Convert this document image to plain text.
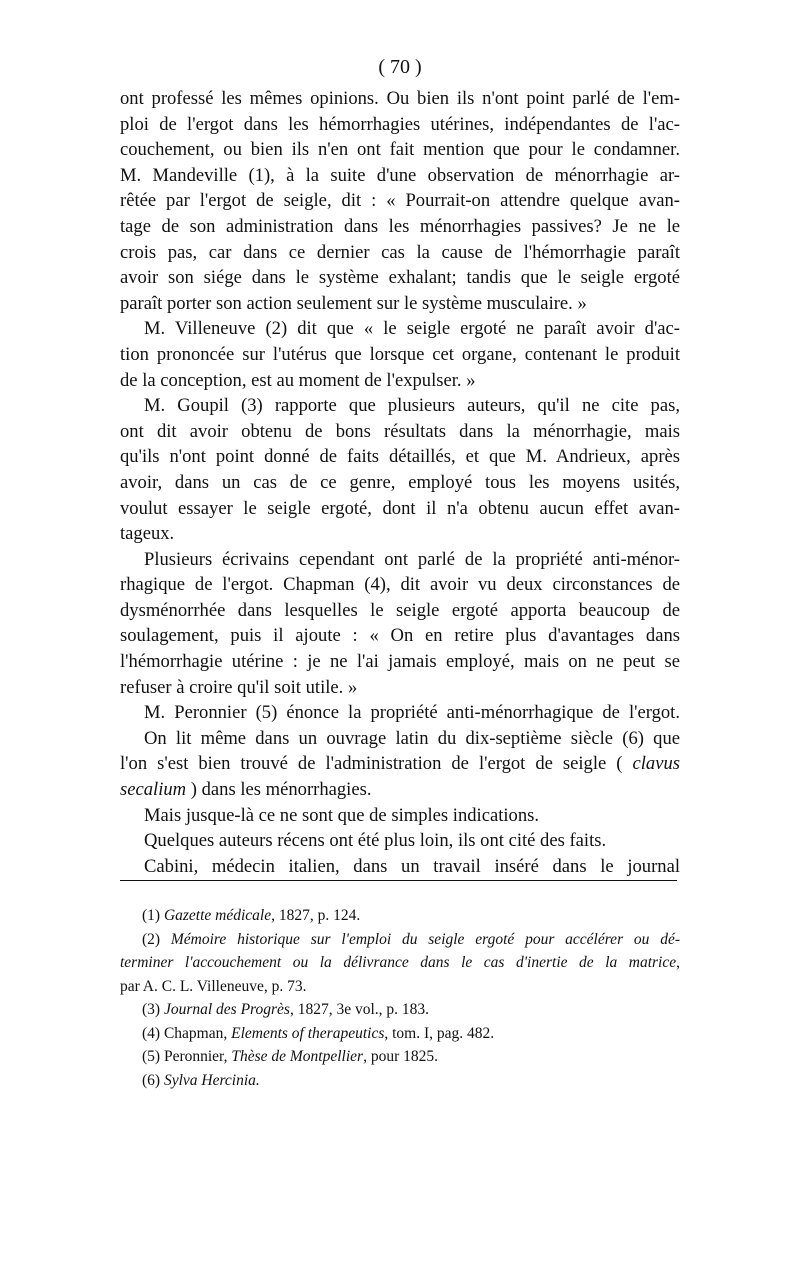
( 70 )
ont professé les mêmes opinions. Ou bien ils n'ont point parlé de l'em-
ploi de l'ergot dans les hémorrhagies utérines, indépendantes de l'ac-
couchement, ou bien ils n'en ont fait mention que pour le condamner.
M. Mandeville (1), à la suite d'une observation de ménorrhagie ar-
rêtée par l'ergot de seigle, dit : « Pourrait-on attendre quelque avan-
tage de son administration dans les ménorrhagies passives? Je ne le
crois pas, car dans ce dernier cas la cause de l'hémorrhagie paraît
avoir son siége dans le système exhalant; tandis que le seigle ergoté
paraît porter son action seulement sur le système musculaire. »
M. Villeneuve (2) dit que « le seigle ergoté ne paraît avoir d'ac-
tion prononcée sur l'utérus que lorsque cet organe, contenant le produit
de la conception, est au moment de l'expulser. »
M. Goupil (3) rapporte que plusieurs auteurs, qu'il ne cite pas,
ont dit avoir obtenu de bons résultats dans la ménorrhagie, mais
qu'ils n'ont point donné de faits détaillés, et que M. Andrieux, après
avoir, dans un cas de ce genre, employé tous les moyens usités,
voulut essayer le seigle ergoté, dont il n'a obtenu aucun effet avan-
tageux.
Plusieurs écrivains cependant ont parlé de la propriété anti-ménor-
rhagique de l'ergot. Chapman (4), dit avoir vu deux circonstances de
dysménorrhée dans lesquelles le seigle ergoté apporta beaucoup de
soulagement, puis il ajoute : « On en retire plus d'avantages dans
l'hémorrhagie utérine : je ne l'ai jamais employé, mais on ne peut se
refuser à croire qu'il soit utile. »
M. Peronnier (5) énonce la propriété anti-ménorrhagique de l'ergot.
On lit même dans un ouvrage latin du dix-septième siècle (6) que
l'on s'est bien trouvé de l'administration de l'ergot de seigle ( clavus
secalium ) dans les ménorrhagies.
Mais jusque-là ce ne sont que de simples indications.
Quelques auteurs récens ont été plus loin, ils ont cité des faits.
Cabini, médecin italien, dans un travail inséré dans le journal
(1) Gazette médicale, 1827, p. 124.
(2) Mémoire historique sur l'emploi du seigle ergoté pour accélérer ou dé-
terminer l'accouchement ou la délivrance dans le cas d'inertie de la matrice,
par A. C. L. Villeneuve, p. 73.
(3) Journal des Progrès, 1827, 3e vol., p. 183.
(4) Chapman, Elements of therapeutics, tom. I, pag. 482.
(5) Peronnier, Thèse de Montpellier, pour 1825.
(6) Sylva Hercinia.
